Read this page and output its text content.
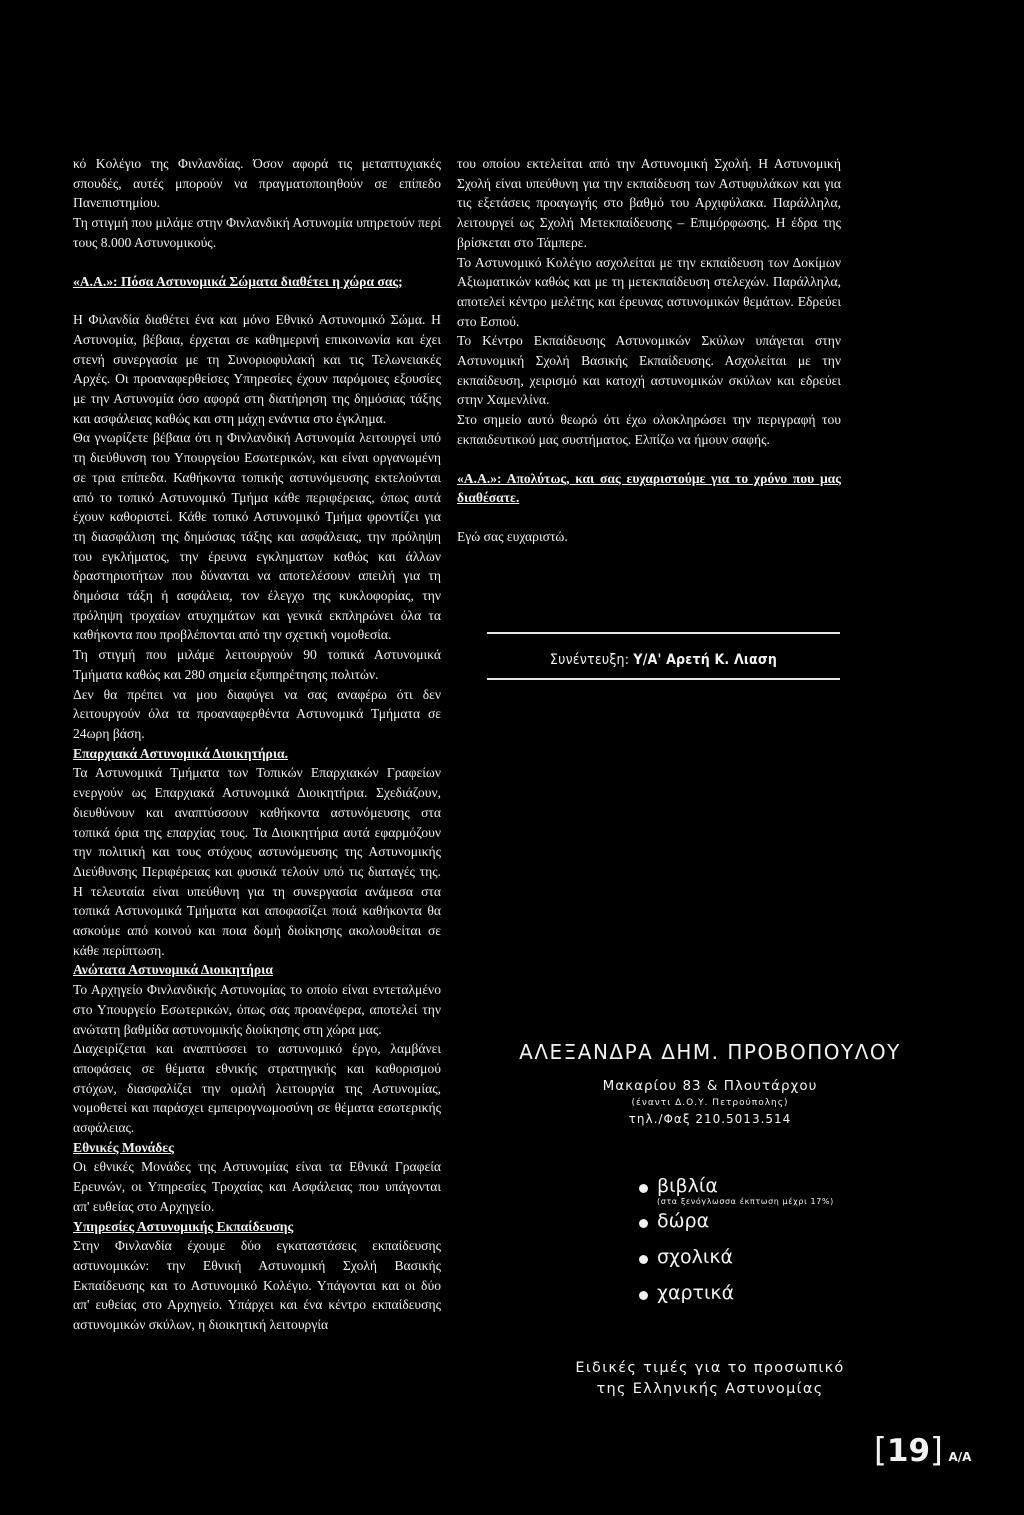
κό Κολέγιο της Φινλανδίας. Όσον αφορά τις μεταπτυχιακές σπουδές, αυτές μπορούν να πραγματοποιηθούν σε επίπεδο Πανεπιστημίου.

Τη στιγμή που μιλάμε στην Φινλανδική Αστυνομία υπηρετούν περί τους 8.000 Αστυνομικούς.

«Α.Α.»: Πόσα Αστυνομικά Σώματα διαθέτει η χώρα σας;

Η Φιλανδία διαθέτει ένα και μόνο Εθνικό Αστυνομικό Σώμα. Η Αστυνομία, βέβαια, έρχεται σε καθημερινή επικοινωνία και έχει στενή συνεργασία με τη Συνοριοφυλακή και τις Τελωνειακές Αρχές. Οι προαναφερθείσες Υπηρεσίες έχουν παρόμοιες εξουσίες με την Αστυνομία όσο αφορά στη διατήρηση της δημόσιας τάξης και ασφάλειας καθώς και στη μάχη ενάντια στο έγκλημα.

Θα γνωρίζετε βέβαια ότι η Φινλανδική Αστυνομία λειτουργεί υπό τη διεύθυνση του Υπουργείου Εσωτερικών, και είναι οργανωμένη σε τρια επίπεδα. Καθήκοντα τοπικής αστυνόμευσης εκτελούνται από το τοπικό Αστυνομικό Τμήμα κάθε περιφέρειας, όπως αυτά έχουν καθοριστεί. Κάθε τοπικό Αστυνομικό Τμήμα φροντίζει για τη διασφάλιση της δημόσιας τάξης και ασφάλειας, την πρόληψη του εγκλήματος, την έρευνα εγκληματων καθώς και άλλων δραστηριοτήτων που δύνανται να αποτελέσουν απειλή για τη δημόσια τάξη ή ασφάλεια, τον έλεγχο της κυκλοφορίας, την πρόληψη τροχαίων ατυχημάτων και γενικά εκπληρώνει όλα τα καθήκοντα που προβλέπονται από την σχετική νομοθεσία.

Τη στιγμή που μιλάμε λειτουργούν 90 τοπικά Αστυνομικά Τμήματα καθώς και 280 σημεία εξυπηρέτησης πολιτών.

Δεν θα πρέπει να μου διαφύγει να σας αναφέρω ότι δεν λειτουργούν όλα τα προαναφερθέντα Αστυνομικά Τμήματα σε 24ωρη βάση.

Επαρχιακά Αστυνομικά Διοικητήρια.

Τα Αστυνομικά Τμήματα των Τοπικών Επαρχιακών Γραφείων ενεργούν ως Επαρχιακά Αστυνομικά Διοικητήρια. Σχεδιάζουν, διευθύνουν και αναπτύσσουν καθήκοντα αστυνόμευσης στα τοπικά όρια της επαρχίας τους. Τα Διοικητήρια αυτά εφαρμόζουν την πολιτική και τους στόχους αστυνόμευσης της Αστυνομικής Διεύθυνσης Περιφέρειας και φυσικά τελούν υπό τις διαταγές της. Η τελευταία είναι υπεύθυνη για τη συνεργασία ανάμεσα στα τοπικά Αστυνομικά Τμήματα και αποφασίζει ποιά καθήκοντα θα ασκούμε από κοινού και ποια δομή διοίκησης ακολουθείται σε κάθε περίπτωση.

Ανώτατα Αστυνομικά Διοικητήρια

Το Αρχηγείο Φινλανδικής Αστυνομίας το οποίο είναι εντεταλμένο στο Υπουργείο Εσωτερικών, όπως σας προανέφερα, αποτελεί την ανώτατη βαθμίδα αστυνομικής διοίκησης στη χώρα μας.

Διαχειρίζεται και αναπτύσσει το αστυνομικό έργο, λαμβάνει αποφάσεις σε θέματα εθνικής στρατηγικής και καθορισμού στόχων, διασφαλίζει την ομαλή λειτουργία της Αστυνομίας, νομοθετεί και παράσχει εμπειρογνωμοσύνη σε θέματα εσωτερικής ασφάλειας.

Εθνικές Μονάδες

Οι εθνικές Μονάδες της Αστυνομίας είναι τα Εθνικά Γραφεία Ερευνών, οι Υπηρεσίες Τροχαίας και Ασφάλειας που υπάγονται απ' ευθείας στο Αρχηγείο.

Υπηρεσίες Αστυνομικής Εκπαίδευσης

Στην Φινλανδία έχουμε δύο εγκαταστάσεις εκπαίδευσης αστυνομικών: την Εθνική Αστυνομική Σχολή Βασικής Εκπαίδευσης και το Αστυνομικό Κολέγιο. Υπάγονται και οι δύο απ' ευθείας στο Αρχηγείο. Υπάρχει και ένα κέντρο εκπαίδευσης αστυνομικών σκύλων, η διοικητική λειτουργία

του οποίου εκτελείται από την Αστυνομική Σχολή. Η Αστυνομική Σχολή είναι υπεύθυνη για την εκπαίδευση των Αστυφυλάκων και για τις εξετάσεις προαγωγής στο βαθμό του Αρχιφύλακα. Παράλληλα, λειτουργεί ως Σχολή Μετεκπαίδευσης – Επιμόρφωσης. Η έδρα της βρίσκεται στο Τάμπερε.

Το Αστυνομικό Κολέγιο ασχολείται με την εκπαίδευση των Δοκίμων Αξιωματικών καθώς και με τη μετεκπαίδευση στελεχών. Παράλληλα, αποτελεί κέντρο μελέτης και έρευνας αστυνομικών θεμάτων. Εδρεύει στο Εσπού.

Το Κέντρο Εκπαίδευσης Αστυνομικών Σκύλων υπάγεται στην Αστυνομική Σχολή Βασικής Εκπαίδευσης. Ασχολείται με την εκπαίδευση, χειρισμό και κατοχή αστυνομικών σκύλων και εδρεύει στην Χαμενλίνα.

Στο σημείο αυτό θεωρώ ότι έχω ολοκληρώσει την περιγραφή του εκπαιδευτικού μας συστήματος. Ελπίζω να ήμουν σαφής.

«Α.Α.»: Απολύτως, και σας ευχαριστούμε για το χρόνο που μας διαθέσατε.

Εγώ σας ευχαριστώ.

Συνέντευξη: Υ/Α' Αρετή Κ. Λιαση
ΑΛΕΞΑΝΔΡΑ ΔΗΜ. ΠΡΟΒΟΠΟΥΛΟΥ
Μακαρίου 83 & Πλουτάρχου
(έναντι Δ.Ο.Υ. Πετρούπολης)
τηλ./Φαξ 210.5013.514
βιβλία
(στα ξενόγλωσσα έκπτωση μέχρι 17%)
δώρα
σχολικά
χαρτικά
Ειδικές τιμές για το προσωπικό
της Ελληνικής Αστυνομίας
[19] A/A
